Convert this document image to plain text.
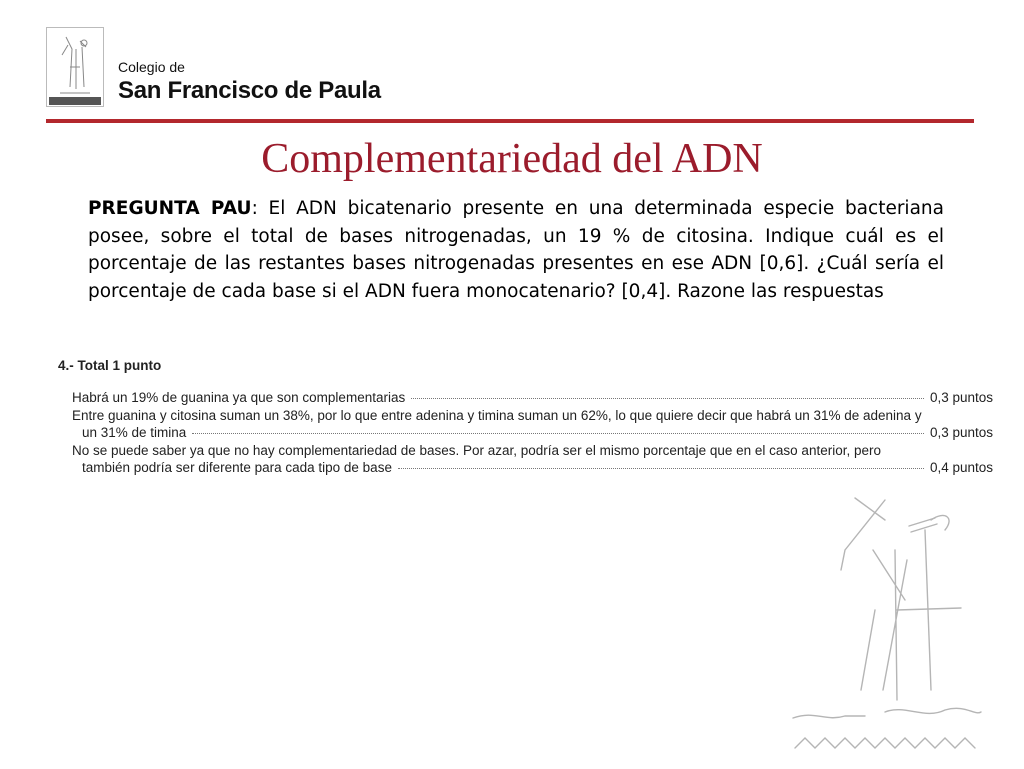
Colegio de
San Francisco de Paula
Complementariedad del ADN
PREGUNTA PAU: El ADN bicatenario presente en una determinada especie bacteriana posee, sobre el total de bases nitrogenadas, un 19 % de citosina. Indique cuál es el porcentaje de las restantes bases nitrogenadas presentes en ese ADN [0,6]. ¿Cuál sería el porcentaje de cada base si el ADN fuera monocatenario? [0,4]. Razone las respuestas
4.- Total 1 punto
Habrá un 19% de guanina ya que son complementarias	0,3 puntos
Entre guanina y citosina suman un 38%, por lo que entre adenina y timina suman un 62%, lo que quiere decir que habrá un 31% de adenina y
un 31% de timina	0,3 puntos
No se puede saber ya que no hay complementariedad de bases. Por azar, podría ser el mismo porcentaje que en el caso anterior, pero
también podría ser diferente para cada tipo de base	0,4 puntos
